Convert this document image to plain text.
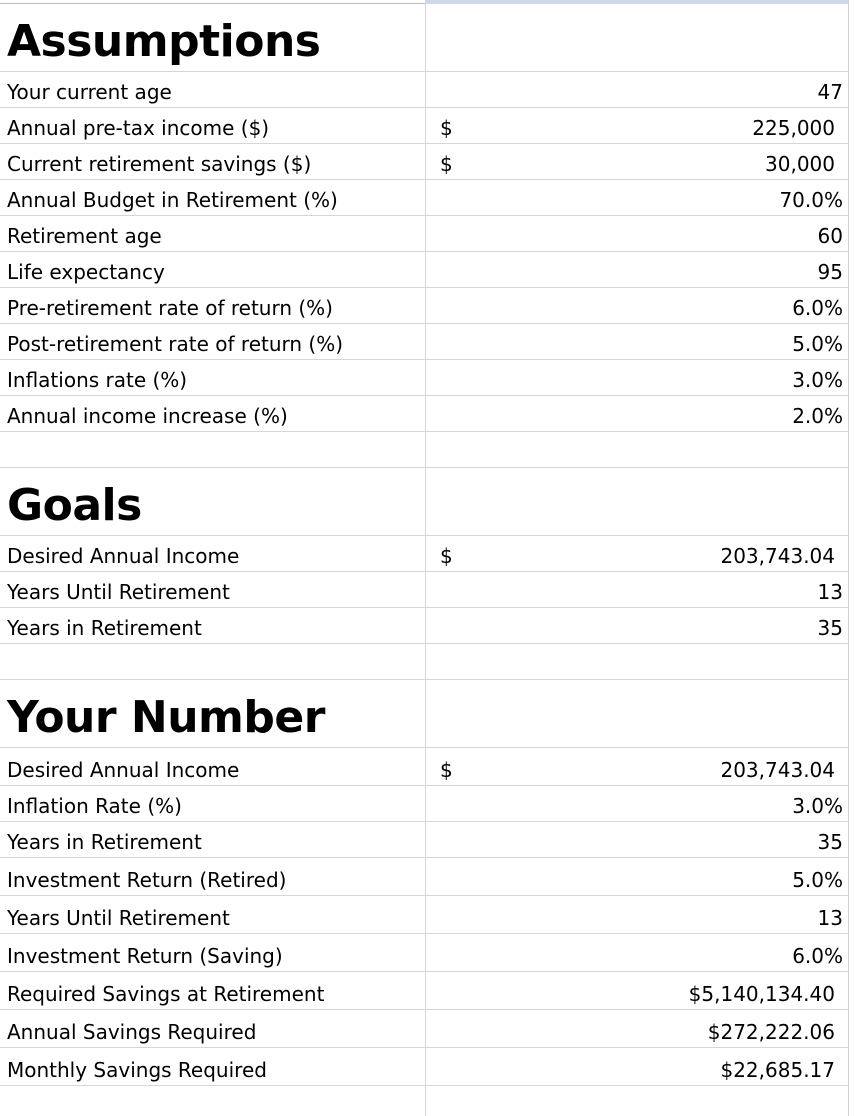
Assumptions
Your current age	47
Annual pre-tax income ($)	$	225,000
Current retirement savings ($)	$	30,000
Annual Budget in Retirement (%)	70.0%
Retirement age	60
Life expectancy	95
Pre-retirement rate of return (%)	6.0%
Post-retirement rate of return (%)	5.0%
Inflations rate (%)	3.0%
Annual income increase (%)	2.0%
Goals
Desired Annual Income	$	203,743.04
Years Until Retirement	13
Years in Retirement	35
Your Number
Desired Annual Income	$	203,743.04
Inflation Rate (%)	3.0%
Years in Retirement	35
Investment Return (Retired)	5.0%
Years Until Retirement	13
Investment Return (Saving)	6.0%
Required Savings at Retirement	$5,140,134.40
Annual Savings Required	$272,222.06
Monthly Savings Required	$22,685.17
